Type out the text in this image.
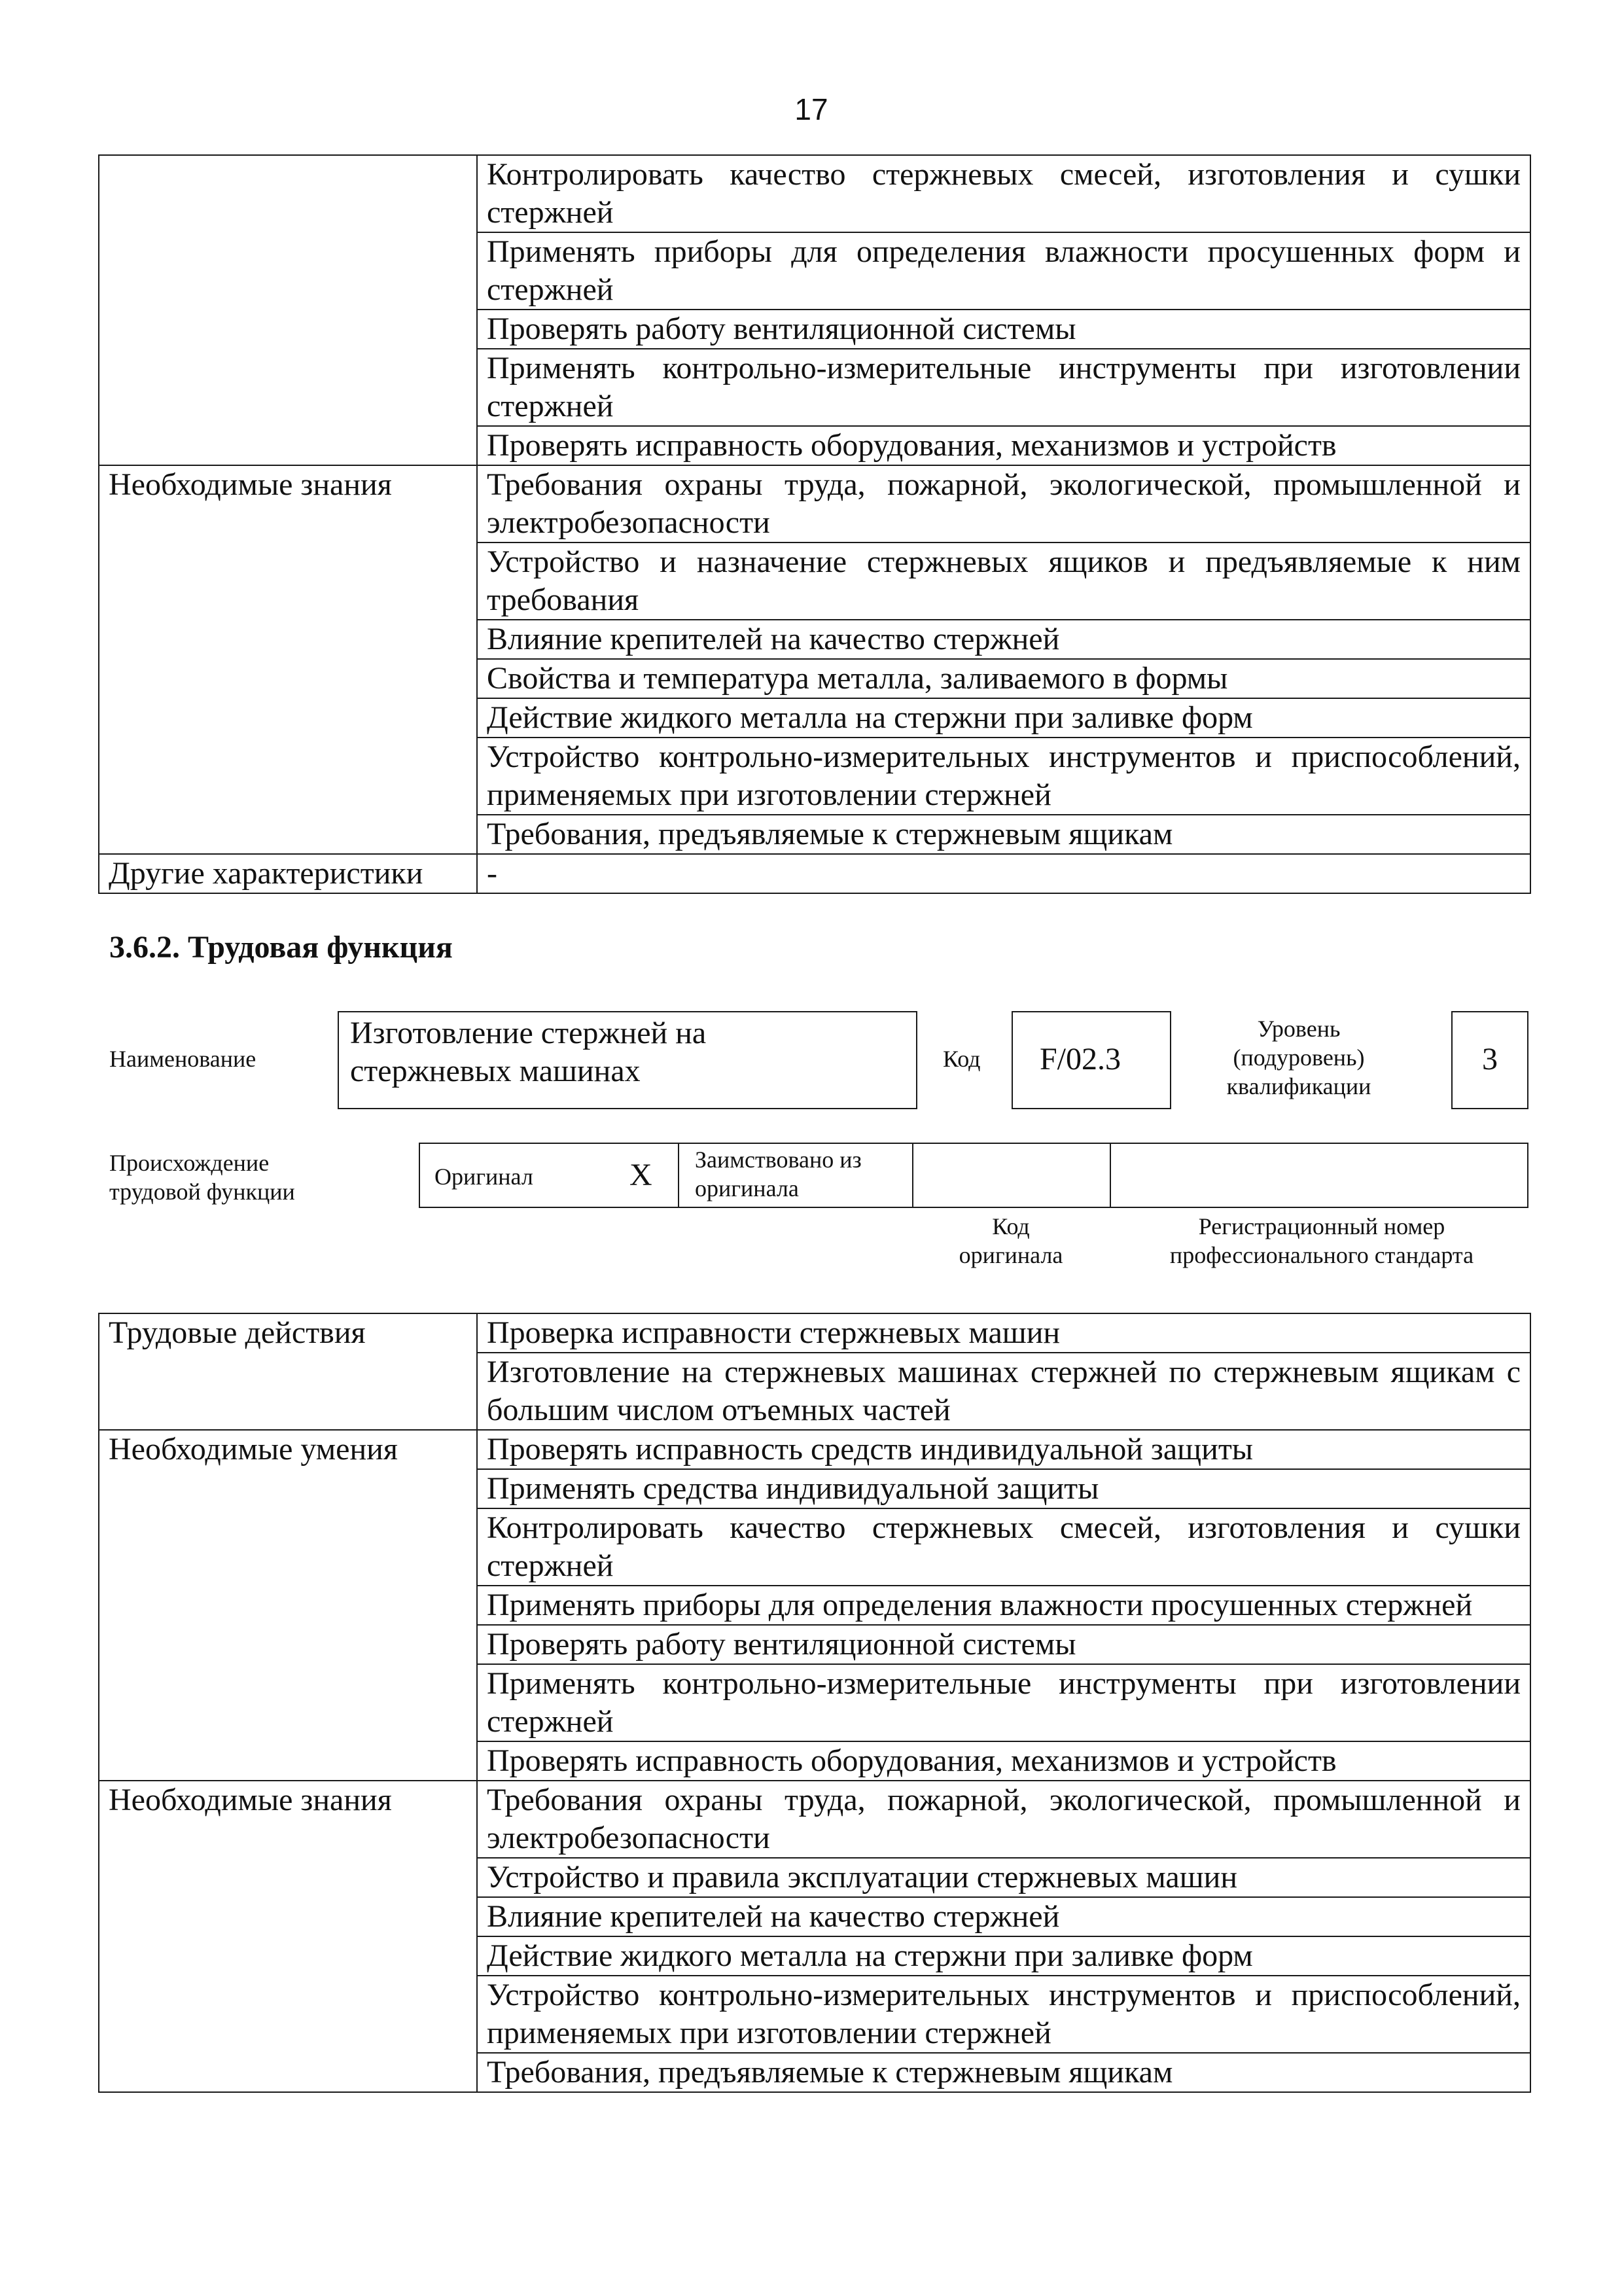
17
	Контролировать качество стержневых смесей, изготовления и сушки стержней
	Применять приборы для определения влажности просушенных форм и стержней
	Проверять работу вентиляционной системы
	Применять контрольно-измерительные инструменты при изготовлении стержней
	Проверять исправность оборудования, механизмов и устройств
Необходимые знания	Требования охраны труда, пожарной, экологической, промышленной и электробезопасности
	Устройство и назначение стержневых ящиков и предъявляемые к ним требования
	Влияние крепителей на качество стержней
	Свойства и температура металла, заливаемого в формы
	Действие жидкого металла на стержни при заливке форм
	Устройство контрольно-измерительных инструментов и приспособлений, применяемых при изготовлении стержней
	Требования, предъявляемые к стержневым ящикам
Другие характеристики	-
3.6.2. Трудовая функция
Наименование
Изготовление стержней на стержневых машинах	Код	F/02.3
Уровень (подуровень) квалификации
3
Происхождение трудовой функции
Оригинал	X Заимствовано из оригинала
Код оригинала
Регистрационный номер профессионального стандарта
Трудовые действия	Проверка исправности стержневых машин
	Изготовление на стержневых машинах стержней по стержневым ящикам с большим числом отъемных частей
Необходимые умения	Проверять исправность средств индивидуальной защиты
	Применять средства индивидуальной защиты
	Контролировать качество стержневых смесей, изготовления и сушки стержней
	Применять приборы для определения влажности просушенных стержней
	Проверять работу вентиляционной системы
	Применять контрольно-измерительные инструменты при изготовлении стержней
	Проверять исправность оборудования, механизмов и устройств
Необходимые знания	Требования охраны труда, пожарной, экологической, промышленной и электробезопасности
	Устройство и правила эксплуатации стержневых машин
	Влияние крепителей на качество стержней
	Действие жидкого металла на стержни при заливке форм
	Устройство контрольно-измерительных инструментов и приспособлений, применяемых при изготовлении стержней
	Требования, предъявляемые к стержневым ящикам
